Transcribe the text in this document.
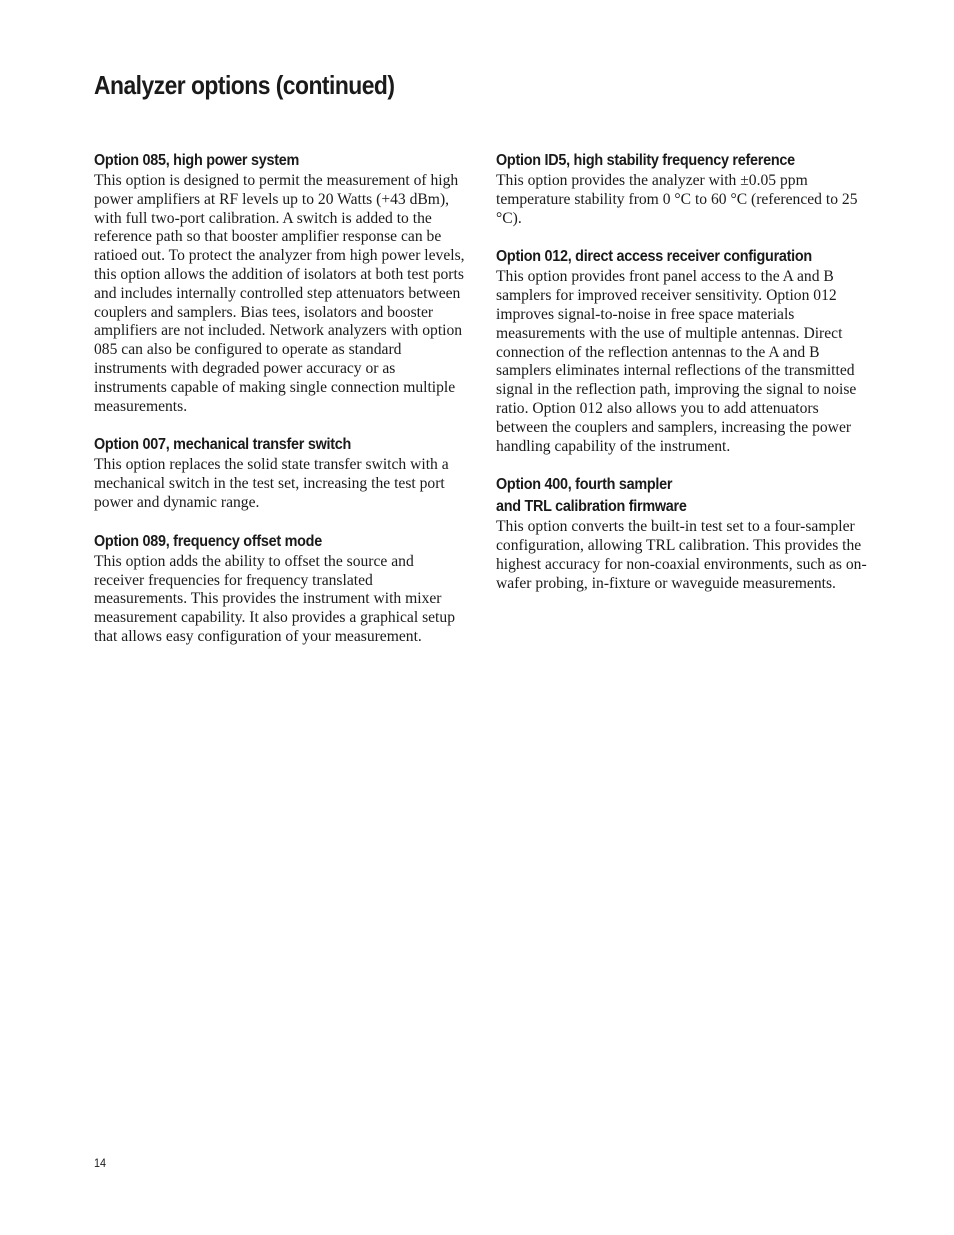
Analyzer options (continued)
Option 085, high power system

This option is designed to permit the measurement of high power amplifiers at RF levels up to 20 Watts (+43 dBm), with full two-port calibration. A switch is added to the reference path so that booster amplifier response can be ratioed out. To protect the analyzer from high power levels, this option allows the addition of isolators at both test ports and includes internally controlled step attenuators between couplers and samplers. Bias tees, isolators and booster amplifiers are not included. Network analyzers with option 085 can also be configured to operate as standard instruments with degraded power accuracy or as instruments capable of making single connection multiple measurements.

Option 007, mechanical transfer switch

This option replaces the solid state transfer switch with a mechanical switch in the test set, increasing the test port power and dynamic range.

Option 089, frequency offset mode

This option adds the ability to offset the source and receiver frequencies for frequency translated measurements. This provides the instrument with mixer measurement capability. It also provides a graphical setup that allows easy configuration of your measurement.

Option ID5, high stability frequency reference

This option provides the analyzer with ±0.05 ppm temperature stability from 0 °C to 60 °C (referenced to 25 °C).

Option 012, direct access receiver configuration

This option provides front panel access to the A and B samplers for improved receiver sensitivity. Option 012 improves signal-to-noise in free space materials measurements with the use of multiple antennas. Direct connection of the reflection antennas to the A and B samplers eliminates internal reflections of the transmitted signal in the reflection path, improving the signal to noise ratio. Option 012 also allows you to add attenuators between the couplers and samplers, increasing the power handling capability of the instrument.

Option 400, fourth sampler
and TRL calibration firmware

This option converts the built-in test set to a four-sampler configuration, allowing TRL calibration. This provides the highest accuracy for non-coaxial environments, such as on-wafer probing, in-fixture or waveguide measurements.

14
